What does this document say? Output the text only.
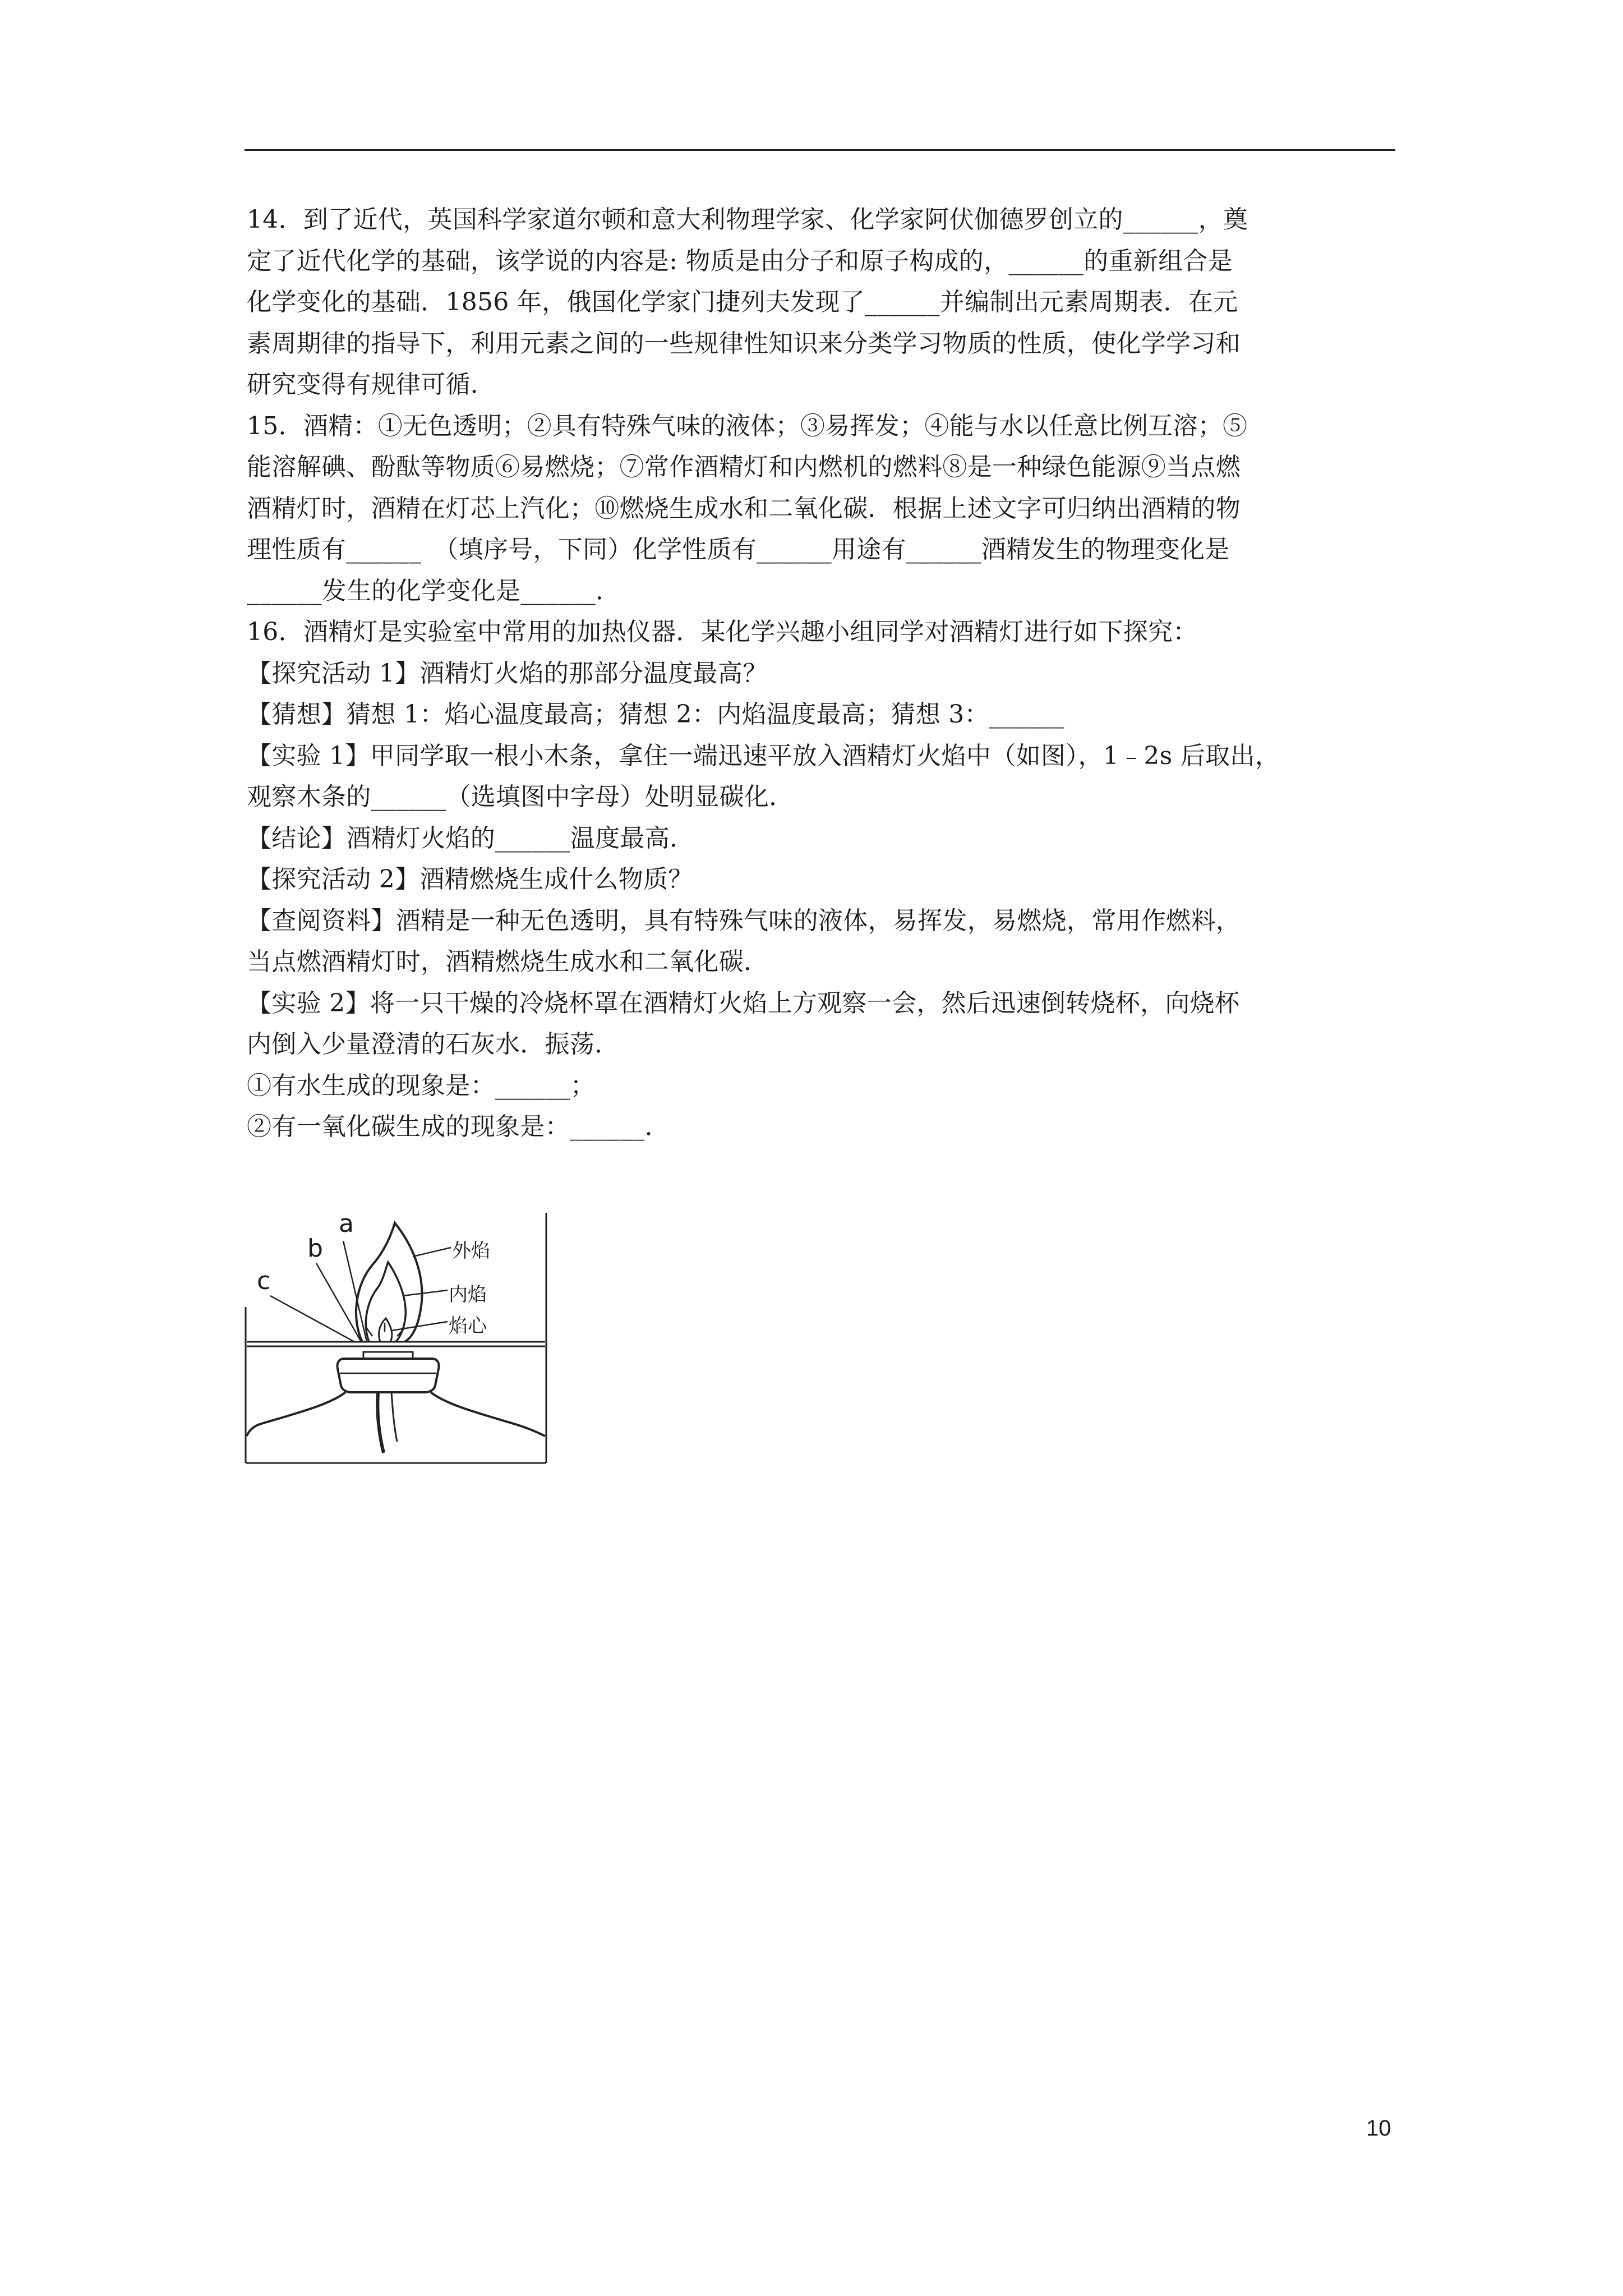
14．到了近代，英国科学家道尔顿和意大利物理学家、化学家阿伏伽德罗创立的______，奠

定了近代化学的基础，该学说的内容是: 物质是由分子和原子构成的，______的重新组合是

化学变化的基础．1856 年，俄国化学家门捷列夫发现了______并编制出元素周期表．在元

素周期律的指导下，利用元素之间的一些规律性知识来分类学习物质的性质，使化学学习和

研究变得有规律可循．

15．酒精：①无色透明；②具有特殊气味的液体；③易挥发；④能与水以任意比例互溶；⑤

能溶解碘、酚酞等物质⑥易燃烧；⑦常作酒精灯和内燃机的燃料⑧是一种绿色能源⑨当点燃

酒精灯时，酒精在灯芯上汽化；⑩燃烧生成水和二氧化碳．根据上述文字可归纳出酒精的物

理性质有______　（填序号，下同）化学性质有______用途有______酒精发生的物理变化是

______发生的化学变化是______．

16．酒精灯是实验室中常用的加热仪器．某化学兴趣小组同学对酒精灯进行如下探究：

【探究活动 1】酒精灯火焰的那部分温度最高？

【猜想】猜想 1：焰心温度最高；猜想 2：内焰温度最高；猜想 3：______

【实验 1】甲同学取一根小木条，拿住一端迅速平放入酒精灯火焰中（如图），1﹣2s 后取出，

观察木条的______（选填图中字母）处明显碳化．

【结论】酒精灯火焰的______温度最高．

【探究活动 2】酒精燃烧生成什么物质？

【查阅资料】酒精是一种无色透明，具有特殊气味的液体，易挥发，易燃烧，常用作燃料，

当点燃酒精灯时，酒精燃烧生成水和二氧化碳．

【实验 2】将一只干燥的冷烧杯罩在酒精灯火焰上方观察一会，然后迅速倒转烧杯，向烧杯

内倒入少量澄清的石灰水．振荡．

①有水生成的现象是：______；

②有一氧化碳生成的现象是：______．

a
b
c
外焰
内焰
焰心
10
